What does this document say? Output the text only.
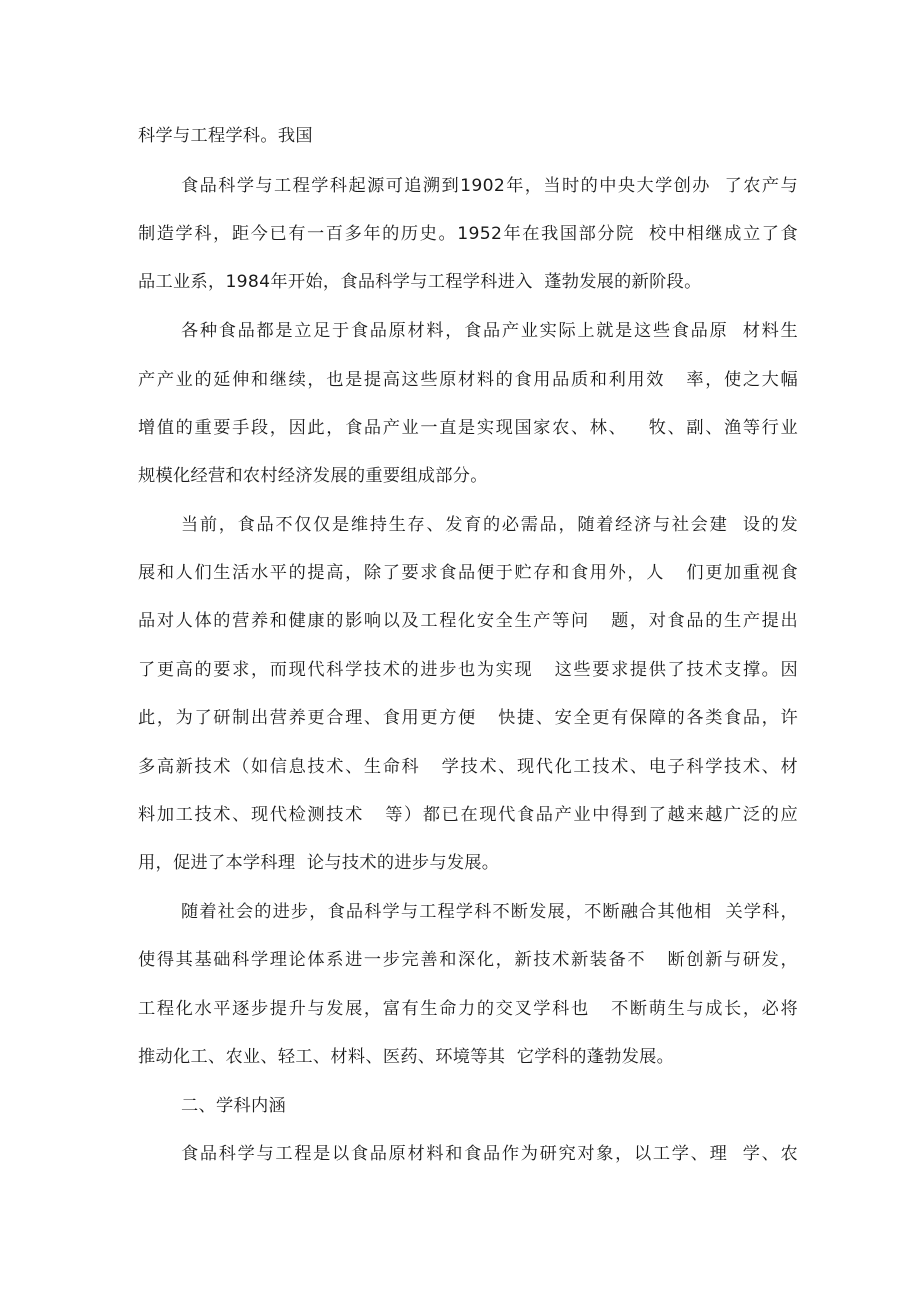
科学与工程学科。我国
食品科学与工程学科起源可追溯到1902年，当时的中央大学创办  了农产与
制造学科，距今已有一百多年的历史。1952年在我国部分院  校中相继成立了食
品工业系，1984年开始，食品科学与工程学科进入  蓬勃发展的新阶段。
各种食品都是立足于食品原材料，食品产业实际上就是这些食品原  材料生
产产业的延伸和继续，也是提高这些原材料的食用品质和利用效   率，使之大幅
增值的重要手段，因此，食品产业一直是实现国家农、林、   牧、副、渔等行业
规模化经营和农村经济发展的重要组成部分。
当前，食品不仅仅是维持生存、发育的必需品，随着经济与社会建  设的发
展和人们生活水平的提高，除了要求食品便于贮存和食用外，人   们更加重视食
品对人体的营养和健康的影响以及工程化安全生产等问   题，对食品的生产提出
了更高的要求，而现代科学技术的进步也为实现   这些要求提供了技术支撑。因
此，为了研制出营养更合理、食用更方便   快捷、安全更有保障的各类食品，许
多高新技术（如信息技术、生命科   学技术、现代化工技术、电子科学技术、材
料加工技术、现代检测技术   等）都已在现代食品产业中得到了越来越广泛的应
用，促进了本学科理  论与技术的进步与发展。
随着社会的进步，食品科学与工程学科不断发展，不断融合其他相  关学科，
使得其基础科学理论体系进一步完善和深化，新技术新装备不   断创新与研发，
工程化水平逐步提升与发展，富有生命力的交叉学科也   不断萌生与成长，必将
推动化工、农业、轻工、材料、医药、环境等其  它学科的蓬勃发展。
二、学科内涵
食品科学与工程是以食品原材料和食品作为研究对象，以工学、理  学、农
